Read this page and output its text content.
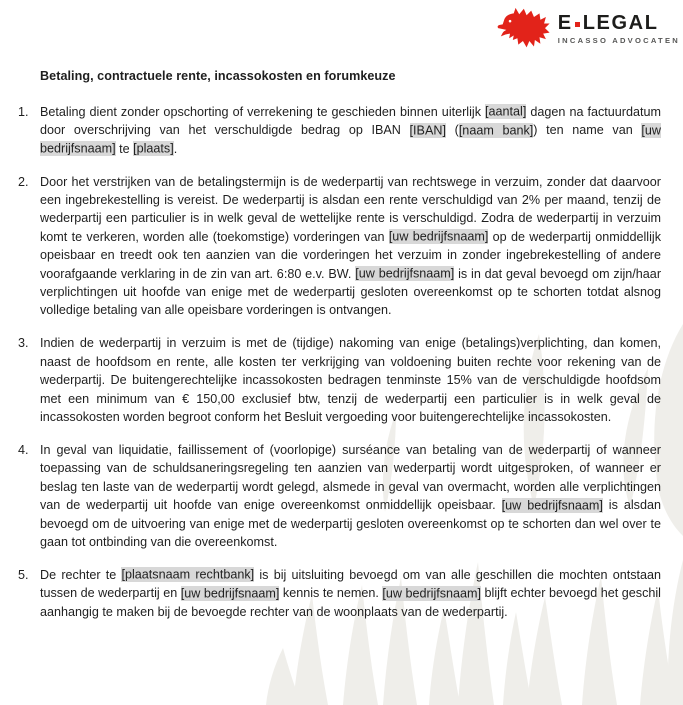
E LEGAL
INCASSO ADVOCATEN
Betaling, contractuele rente, incassokosten en forumkeuze
1. Betaling dient zonder opschorting of verrekening te geschieden binnen uiterlijk [aantal] dagen na factuurdatum door overschrijving van het verschuldigde bedrag op IBAN [IBAN] ([naam bank]) ten name van [uw bedrijfsnaam] te [plaats].
2. Door het verstrijken van de betalingstermijn is de wederpartij van rechtswege in verzuim, zonder dat daarvoor een ingebrekestelling is vereist. De wederpartij is alsdan een rente verschuldigd van 2% per maand, tenzij de wederpartij een particulier is in welk geval de wettelijke rente is verschuldigd. Zodra de wederpartij in verzuim komt te verkeren, worden alle (toekomstige) vorderingen van [uw bedrijfsnaam] op de wederpartij onmiddellijk opeisbaar en treedt ook ten aanzien van die vorderingen het verzuim in zonder ingebrekestelling of andere voorafgaande verklaring in de zin van art. 6:80 e.v. BW. [uw bedrijfsnaam] is in dat geval bevoegd om zijn/haar verplichtingen uit hoofde van enige met de wederpartij gesloten overeenkomst op te schorten totdat alsnog volledige betaling van alle opeisbare vorderingen is ontvangen.
3. Indien de wederpartij in verzuim is met de (tijdige) nakoming van enige (betalings)verplichting, dan komen, naast de hoofdsom en rente, alle kosten ter verkrijging van voldoening buiten rechte voor rekening van de wederpartij. De buitengerechtelijke incassokosten bedragen tenminste 15% van de verschuldigde hoofdsom met een minimum van € 150,00 exclusief btw, tenzij de wederpartij een particulier is in welk geval de incassokosten worden begroot conform het Besluit vergoeding voor buitengerechtelijke incassokosten.
4. In geval van liquidatie, faillissement of (voorlopige) surséance van betaling van de wederpartij of wanneer toepassing van de schuldsaneringsregeling ten aanzien van wederpartij wordt uitgesproken, of wanneer er beslag ten laste van de wederpartij wordt gelegd, alsmede in geval van overmacht, worden alle verplichtingen van de wederpartij uit hoofde van enige overeenkomst onmiddellijk opeisbaar. [uw bedrijfsnaam] is alsdan bevoegd om de uitvoering van enige met de wederpartij gesloten overeenkomst op te schorten dan wel over te gaan tot ontbinding van die overeenkomst.
5. De rechter te [plaatsnaam rechtbank] is bij uitsluiting bevoegd om van alle geschillen die mochten ontstaan tussen de wederpartij en [uw bedrijfsnaam] kennis te nemen. [uw bedrijfsnaam] blijft echter bevoegd het geschil aanhangig te maken bij de bevoegde rechter van de woonplaats van de wederpartij.
